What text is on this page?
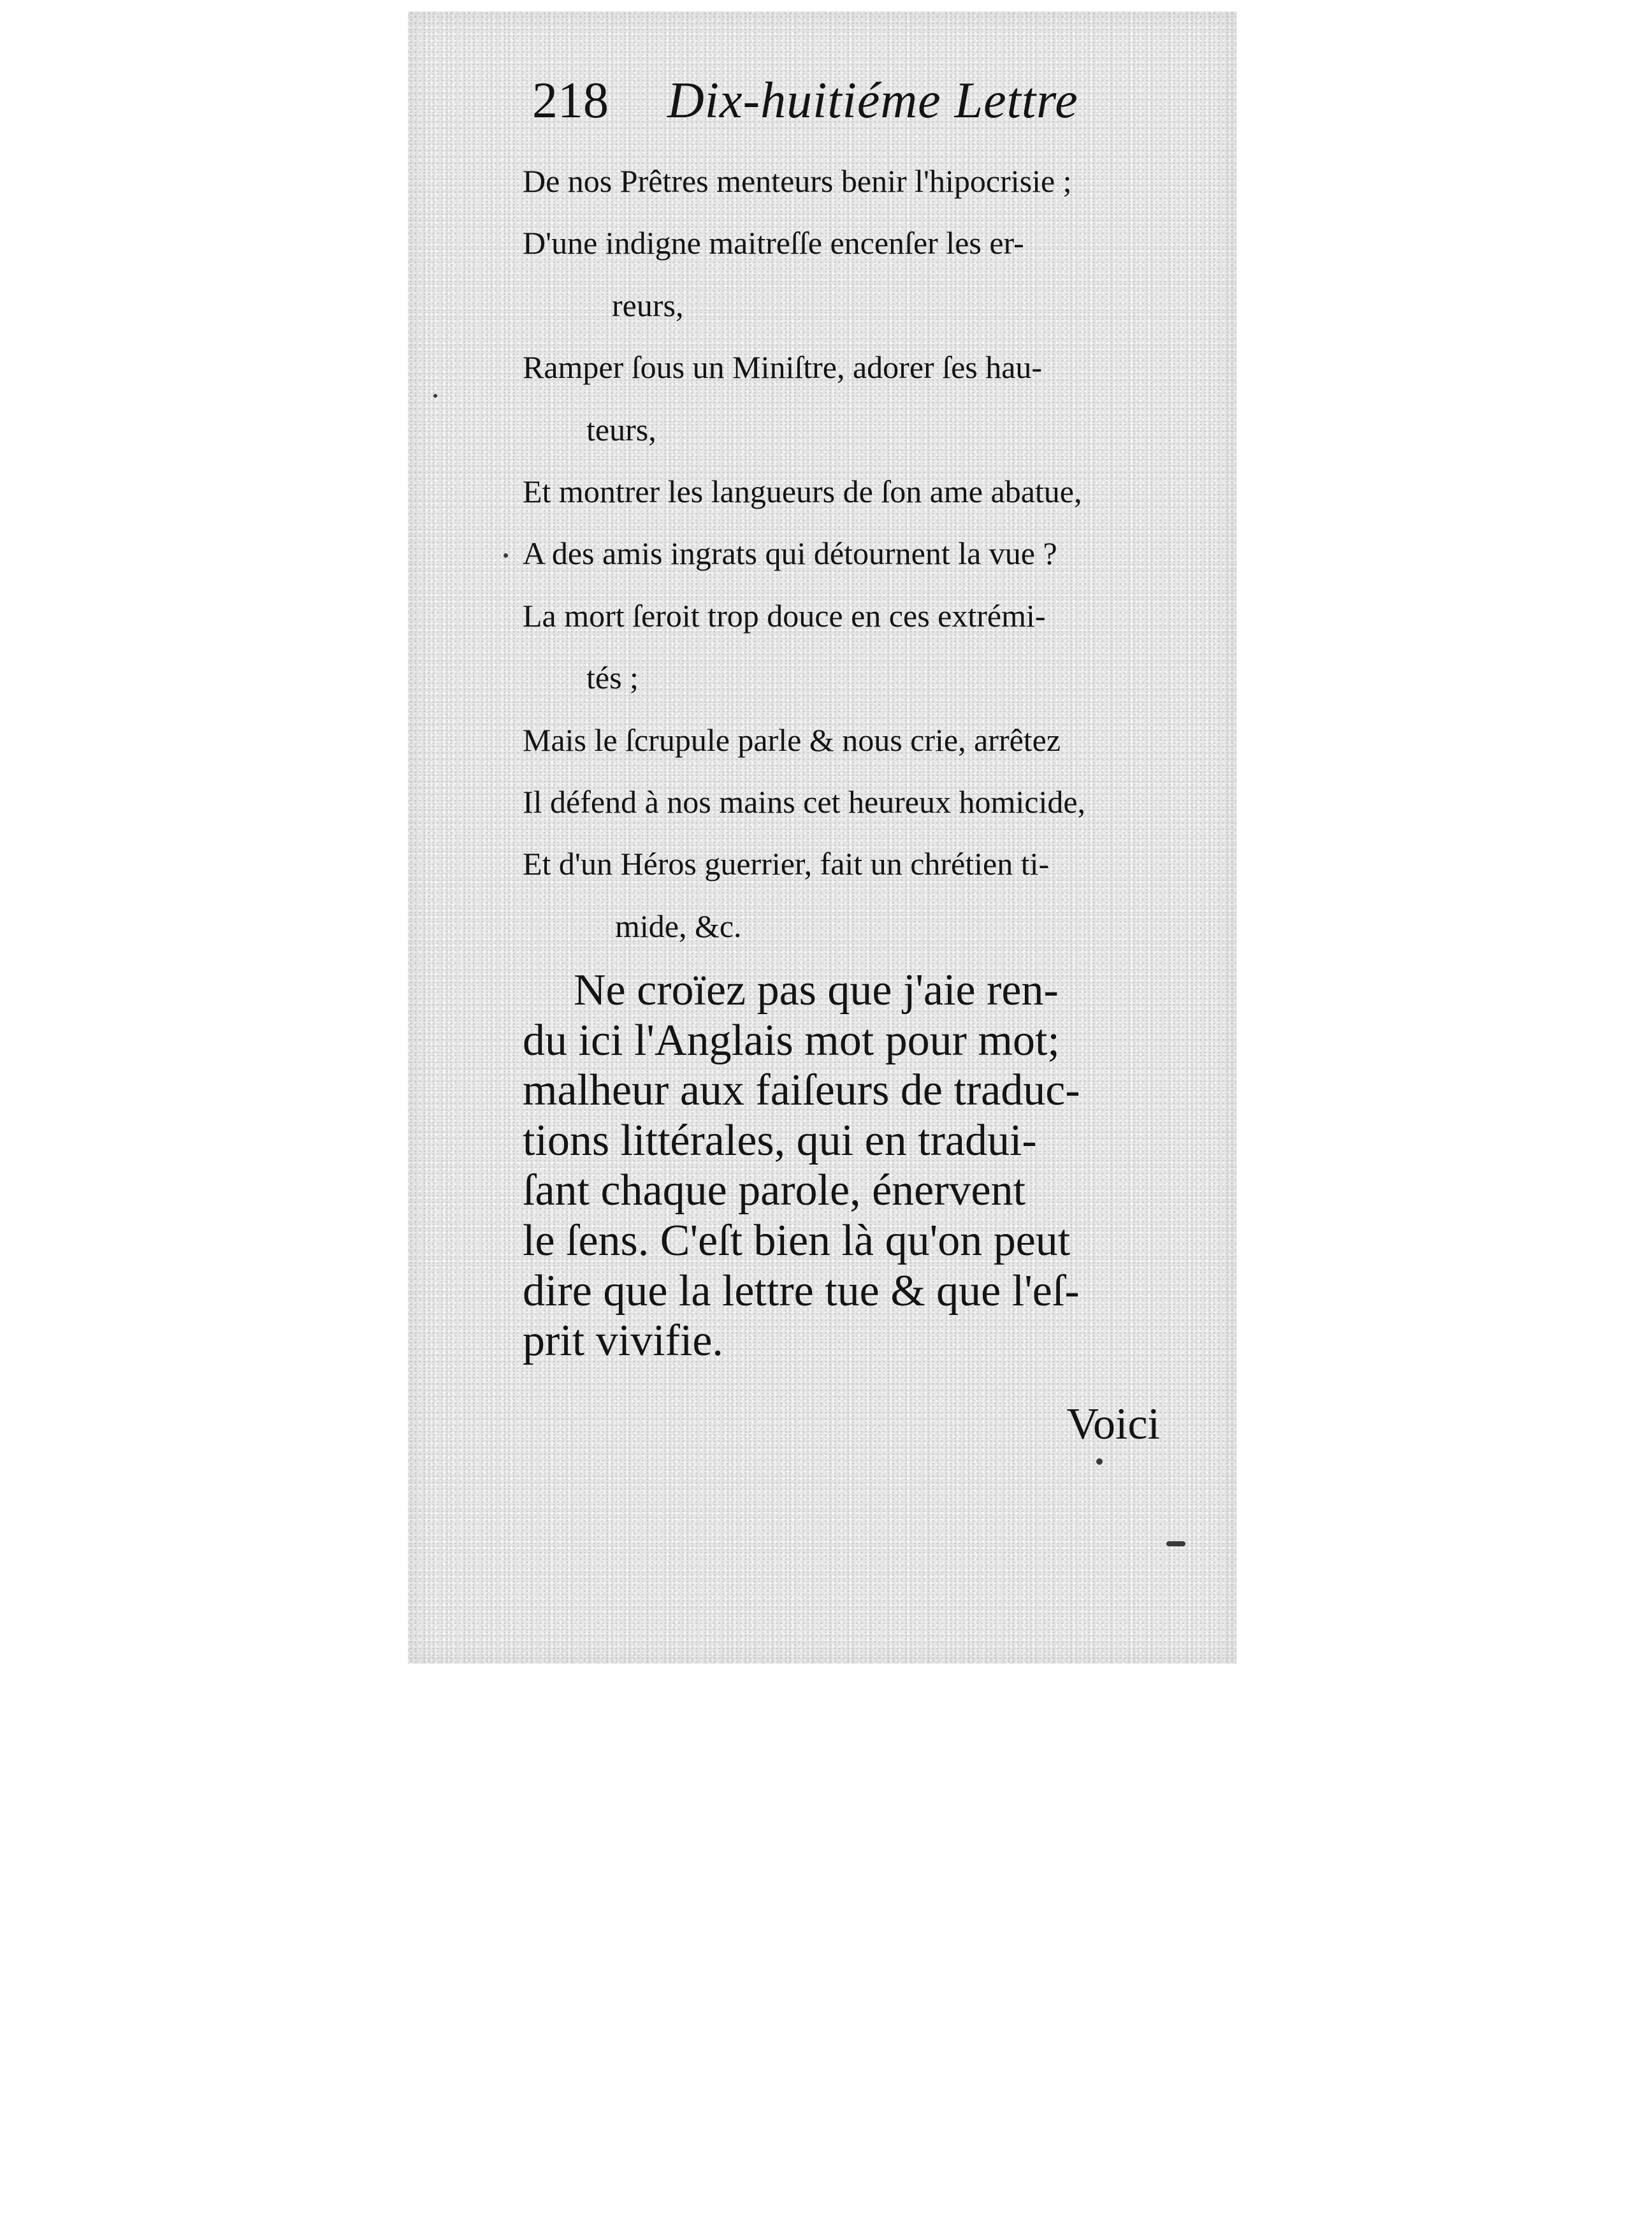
218 Dix-huitiéme Lettre
De nos Prêtres menteurs benir l'hipocrisie ;
D'une indigne maitreſſe encenſer les er-
reurs,
Ramper ſous un Miniſtre, adorer ſes hau-
teurs,
Et montrer les langueurs de ſon ame abatue,
A des amis ingrats qui détournent la vue ?
La mort ſeroit trop douce en ces extrémi-
tés ;
Mais le ſcrupule parle & nous crie, arrêtez
Il défend à nos mains cet heureux homicide,
Et d'un Héros guerrier, fait un chrétien ti-
mide, &c.
Ne croïez pas que j'aie ren-
du ici l'Anglais mot pour mot;
malheur aux faiſeurs de traduc-
tions littérales, qui en tradui-
ſant chaque parole, énervent
le ſens. C'eſt bien là qu'on peut
dire que la lettre tue & que l'eſ-
prit vivifie.
Voici
